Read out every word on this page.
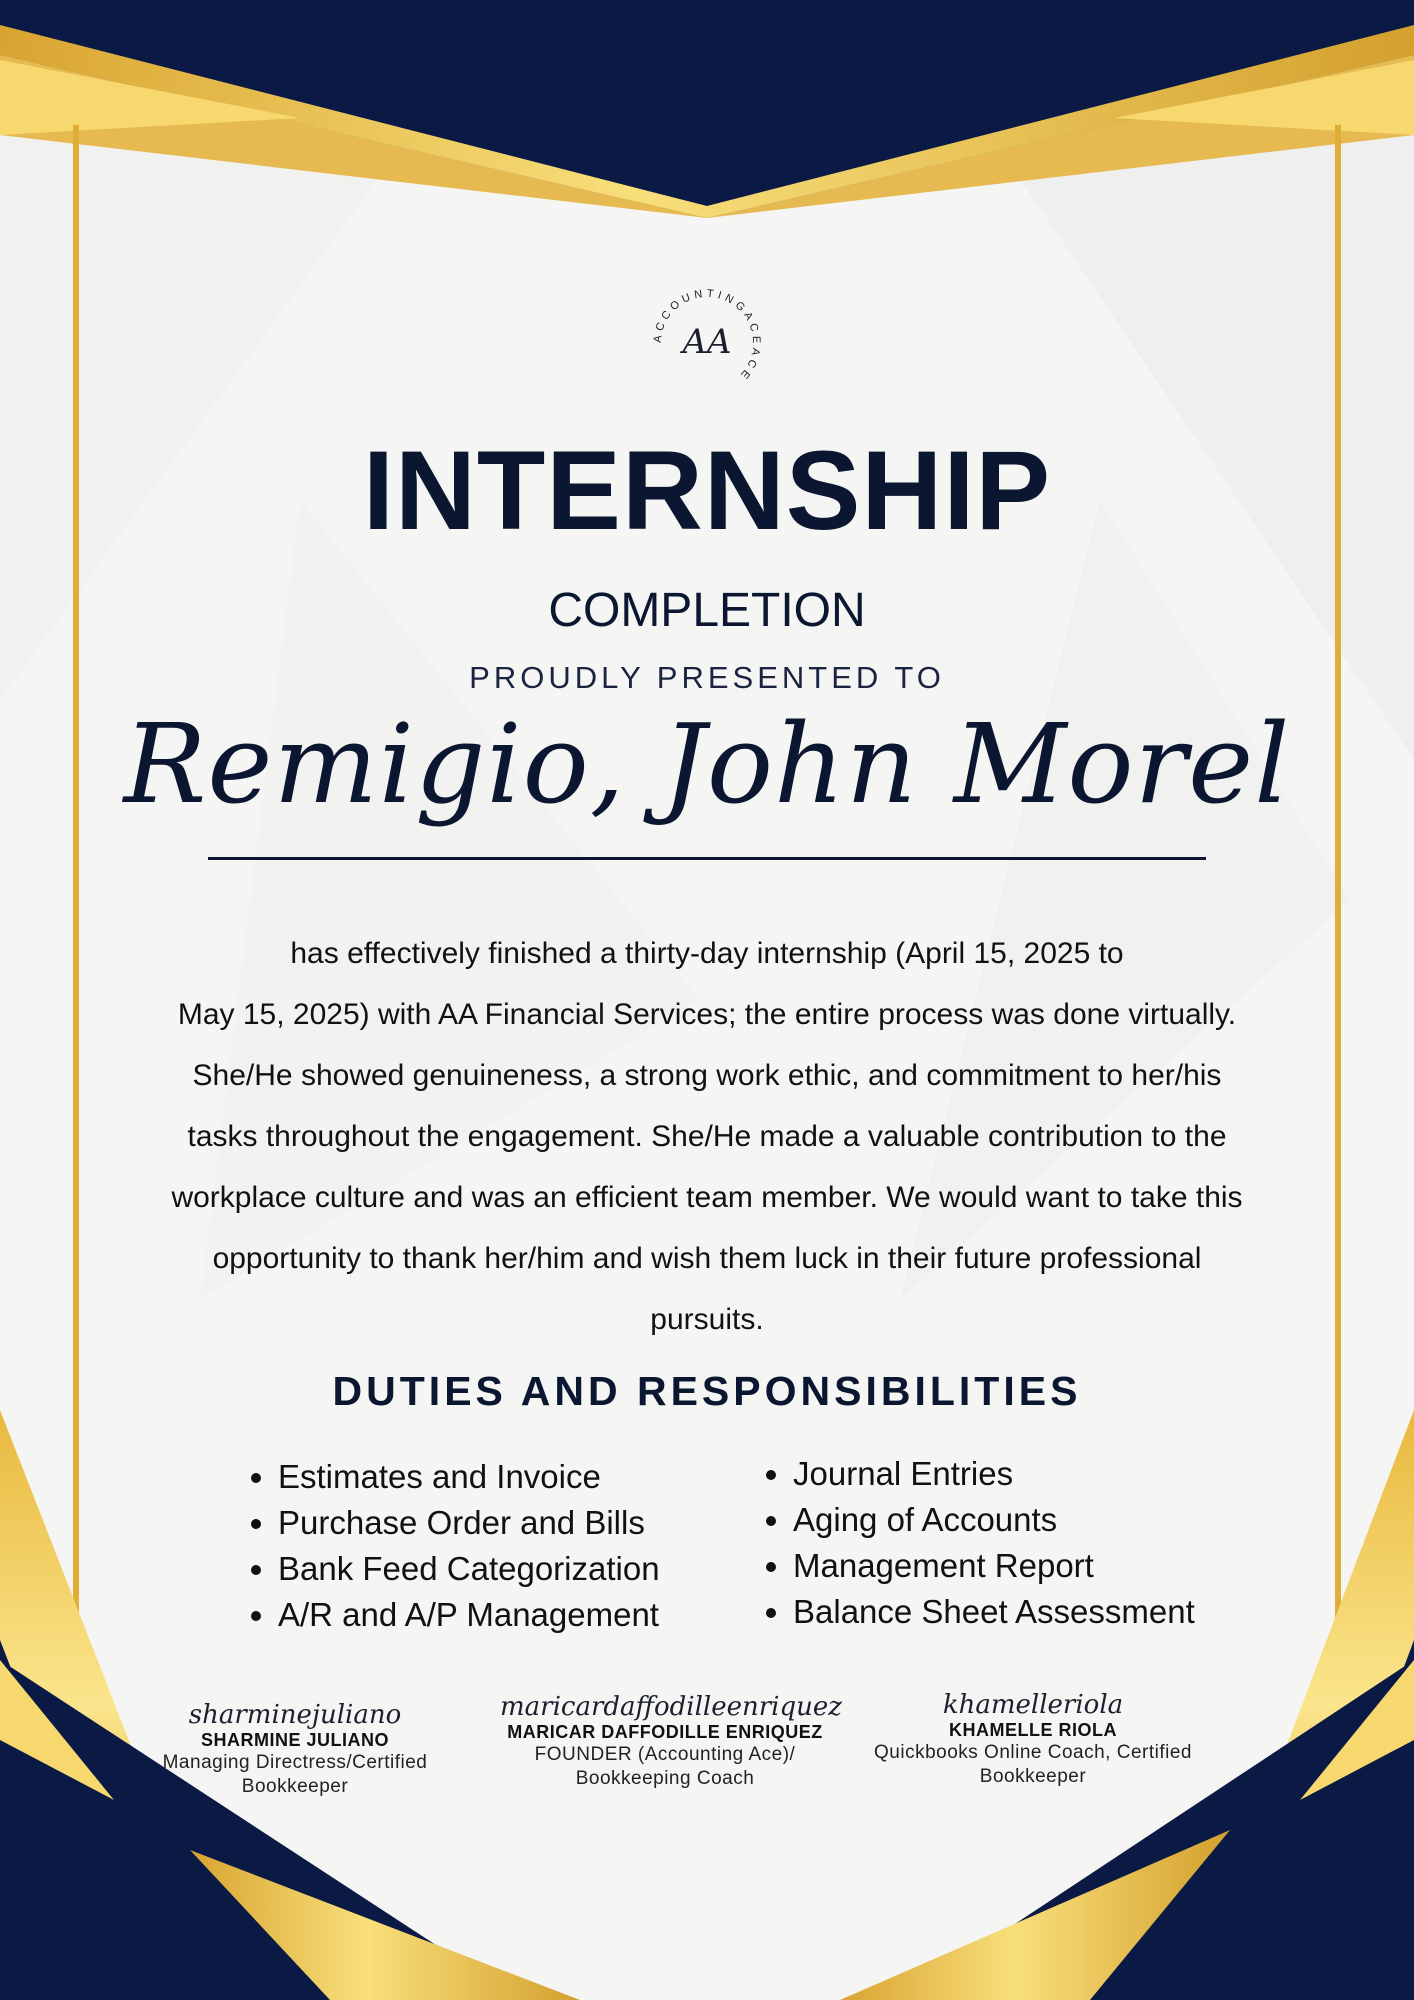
ACCOUNTINGACEACE
AA
INTERNSHIP
COMPLETION
PROUDLY PRESENTED TO
Remigio, John Morel
has effectively finished a thirty-day internship (April 15, 2025 to
May 15, 2025) with AA Financial Services; the entire process was done virtually.
She/He showed genuineness, a strong work ethic, and commitment to her/his
tasks throughout the engagement. She/He made a valuable contribution to the
workplace culture and was an efficient team member. We would want to take this
opportunity to thank her/him and wish them luck in their future professional
pursuits.
DUTIES AND RESPONSIBILITIES
• Estimates and Invoice
• Purchase Order and Bills
• Bank Feed Categorization
• A/R and A/P Management
• Journal Entries
• Aging of Accounts
• Management Report
• Balance Sheet Assessment
sharminejuliano
SHARMINE JULIANO
Managing Directress/Certified
Bookkeeper
maricardaffodilleenriquez
MARICAR DAFFODILLE ENRIQUEZ
FOUNDER (Accounting Ace)/
Bookkeeping Coach
khamelleriola
KHAMELLE RIOLA
Quickbooks Online Coach, Certified
Bookkeeper
